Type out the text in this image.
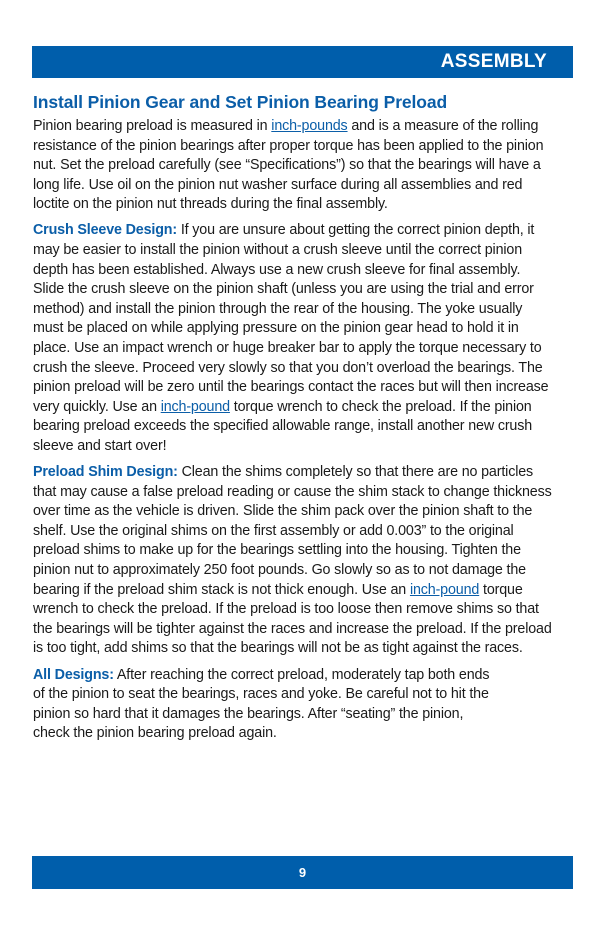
ASSEMBLY
Install Pinion Gear and Set Pinion Bearing Preload

Pinion bearing preload is measured in inch-pounds and is a measure of the rolling resistance of the pinion bearings after proper torque has been applied to the pinion nut. Set the preload carefully (see “Specifications”) so that the bearings will have a long life. Use oil on the pinion nut washer surface during all assemblies and red loctite on the pinion nut threads during the final assembly.

Crush Sleeve Design: If you are unsure about getting the correct pinion depth, it may be easier to install the pinion without a crush sleeve until the correct pinion depth has been established. Always use a new crush sleeve for final assembly. Slide the crush sleeve on the pinion shaft (unless you are using the trial and error method) and install the pinion through the rear of the housing. The yoke usually must be placed on while applying pressure on the pinion gear head to hold it in place. Use an impact wrench or huge breaker bar to apply the torque necessary to crush the sleeve. Proceed very slowly so that you don’t overload the bearings. The pinion preload will be zero until the bearings contact the races but will then increase very quickly. Use an inch-pound torque wrench to check the preload. If the pinion bearing preload exceeds the specified allowable range, install another new crush sleeve and start over!

Preload Shim Design: Clean the shims completely so that there are no particles that may cause a false preload reading or cause the shim stack to change thickness over time as the vehicle is driven. Slide the shim pack over the pinion shaft to the shelf. Use the original shims on the first assembly or add 0.003” to the original preload shims to make up for the bearings settling into the housing. Tighten the pinion nut to approximately 250 foot pounds. Go slowly so as to not damage the bearing if the preload shim stack is not thick enough. Use an inch-pound torque wrench to check the preload. If the preload is too loose then remove shims so that the bearings will be tighter against the races and increase the preload. If the preload is too tight, add shims so that the bearings will not be as tight against the races.

All Designs: After reaching the correct preload, moderately tap both ends of the pinion to seat the bearings, races and yoke. Be careful not to hit the pinion so hard that it damages the bearings. After “seating” the pinion, check the pinion bearing preload again.

9
